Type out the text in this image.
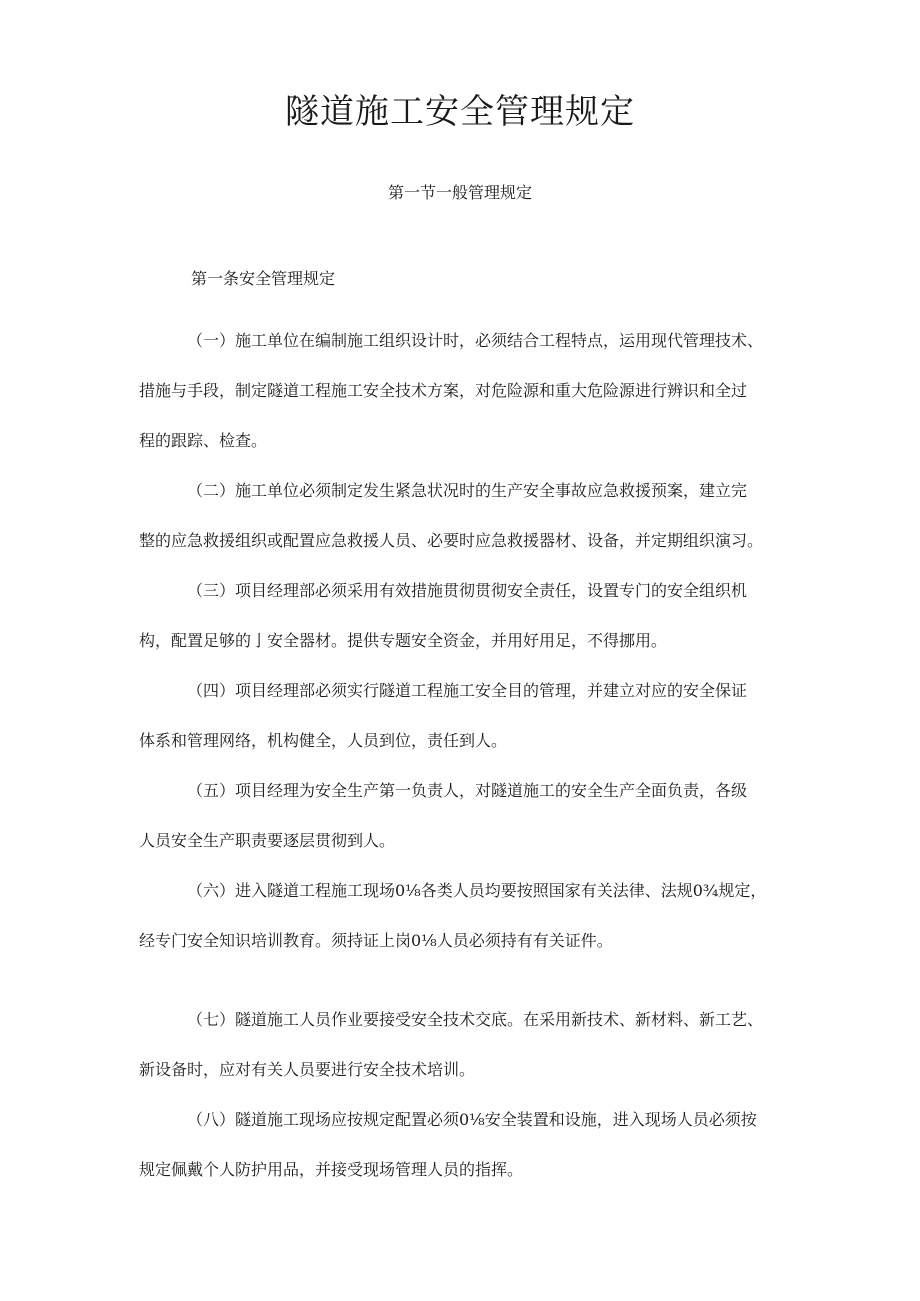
隧道施工安全管理规定
第一节一般管理规定
第一条安全管理规定
（一）施工单位在编制施工组织设计时，必须结合工程特点，运用现代管理技术、
措施与手段，制定隧道工程施工安全技术方案，对危险源和重大危险源进行辨识和全过
程的跟踪、检查。
（二）施工单位必须制定发生紧急状况时的生产安全事故应急救援预案，建立完
整的应急救援组织或配置应急救援人员、必要时应急救援器材、设备，并定期组织演习。
（三）项目经理部必须采用有效措施贯彻贯彻安全责任，设置专门的安全组织机
构，配置足够的亅安全器材。提供专题安全资金，并用好用足，不得挪用。
（四）项目经理部必须实行隧道工程施工安全目的管理，并建立对应的安全保证
体系和管理网络，机构健全，人员到位，责任到人。
（五）项目经理为安全生产第一负责人，对隧道施工的安全生产全面负责，各级
人员安全生产职责要逐层贯彻到人。
（六）进入隧道工程施工现场0⅛各类人员均要按照国家有关法律、法规0¾规定，
经专门安全知识培训教育。须持证上岗0⅛人员必须持有有关证件。
（七）隧道施工人员作业要接受安全技术交底。在采用新技术、新材料、新工艺、
新设备时，应对有关人员要进行安全技术培训。
（八）隧道施工现场应按规定配置必须0⅛安全装置和设施，进入现场人员必须按
规定佩戴个人防护用品，并接受现场管理人员的指挥。
